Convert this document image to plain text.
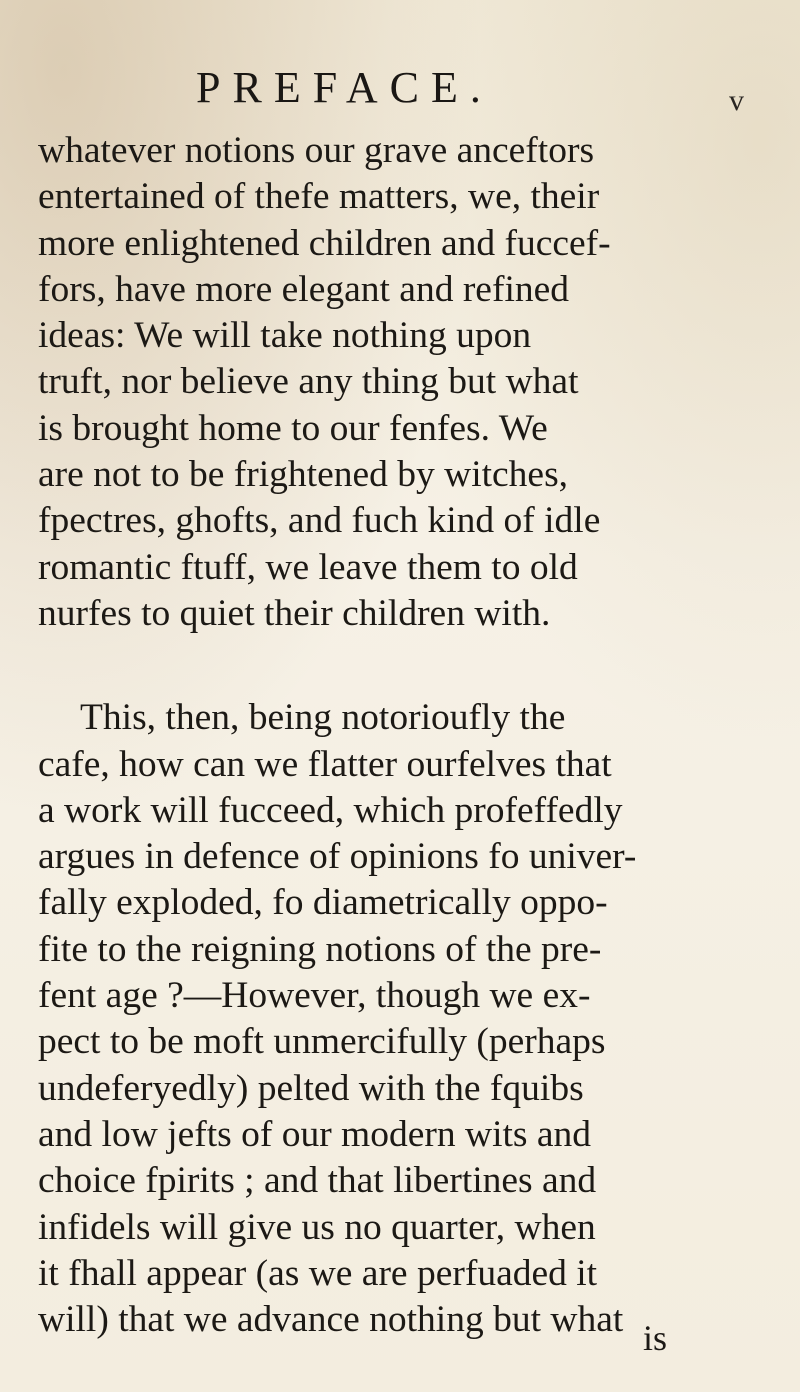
PREFACE.	v
whatever notions our grave anceftors
entertained of thefe matters, we, their
more enlightened children and fuccef-
fors, have more elegant and refined
ideas: We will take nothing upon
truft, nor believe any thing but what
is brought home to our fenfes. We
are not to be frightened by witches,
fpectres, ghofts, and fuch kind of idle
romantic ftuff, we leave them to old
nurfes to quiet their children with.
This, then, being notorioufly the
cafe, how can we flatter ourfelves that
a work will fucceed, which profeffedly
argues in defence of opinions fo univer-
fally exploded, fo diametrically oppo-
fite to the reigning notions of the pre-
fent age ?—However, though we ex-
pect to be moft unmercifully (perhaps
undeferyedly) pelted with the fquibs
and low jefts of our modern wits and
choice fpirits ; and that libertines and
infidels will give us no quarter, when
it fhall appear (as we are perfuaded it
will) that we advance nothing but what is
